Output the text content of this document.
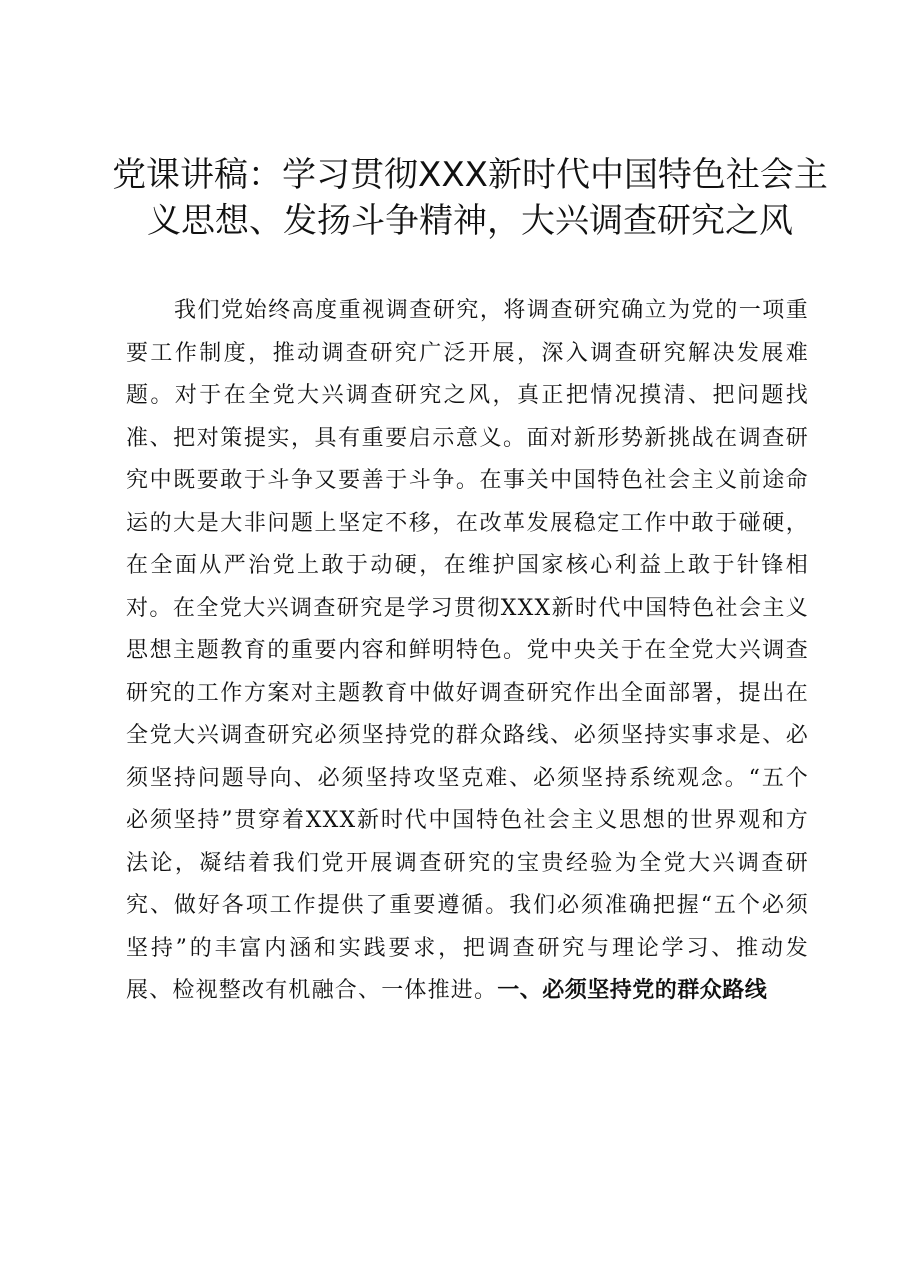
党课讲稿：学习贯彻XXX新时代中国特色社会主义思想、发扬斗争精神，大兴调查研究之风

我们党始终高度重视调查研究，将调查研究确立为党的一项重要工作制度，推动调查研究广泛开展，深入调查研究解决发展难题。对于在全党大兴调查研究之风，真正把情况摸清、把问题找准、把对策提实，具有重要启示意义。面对新形势新挑战在调查研究中既要敢于斗争又要善于斗争。在事关中国特色社会主义前途命运的大是大非问题上坚定不移，在改革发展稳定工作中敢于碰硬，在全面从严治党上敢于动硬，在维护国家核心利益上敢于针锋相对。在全党大兴调查研究是学习贯彻XXX新时代中国特色社会主义思想主题教育的重要内容和鲜明特色。党中央关于在全党大兴调查研究的工作方案对主题教育中做好调查研究作出全面部署，提出在全党大兴调查研究必须坚持党的群众路线、必须坚持实事求是、必须坚持问题导向、必须坚持攻坚克难、必须坚持系统观念。“五个必须坚持”贯穿着XXX新时代中国特色社会主义思想的世界观和方法论，凝结着我们党开展调查研究的宝贵经验为全党大兴调查研究、做好各项工作提供了重要遵循。我们必须准确把握“五个必须坚持”的丰富内涵和实践要求，把调查研究与理论学习、推动发展、检视整改有机融合、一体推进。一、必须坚持党的群众路线
